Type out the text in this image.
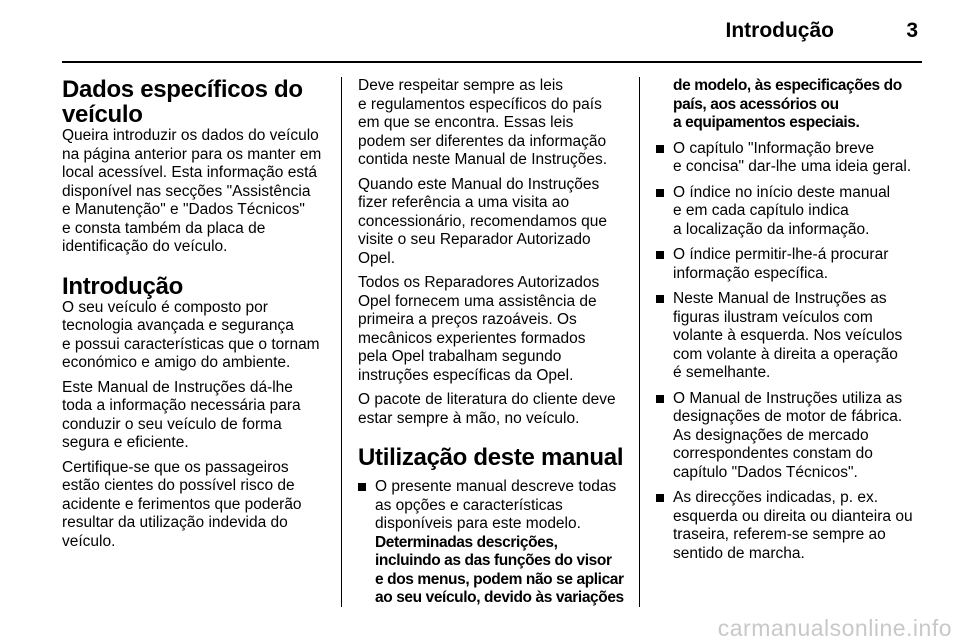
Introdução	3
Dados específicos do
veículo

Queira introduzir os dados do veículo
na página anterior para os manter em
local acessível. Esta informação está
disponível nas secções "Assistência
e Manutenção" e "Dados Técnicos"
e consta também da placa de
identificação do veículo.

Introdução

O seu veículo é composto por
tecnologia avançada e segurança
e possui características que o tornam
económico e amigo do ambiente.

Este Manual de Instruções dá-lhe
toda a informação necessária para
conduzir o seu veículo de forma
segura e eficiente.

Certifique-se que os passageiros
estão cientes do possível risco de
acidente e ferimentos que poderão
resultar da utilização indevida do
veículo.

Deve respeitar sempre as leis
e regulamentos específicos do país
em que se encontra. Essas leis
podem ser diferentes da informação
contida neste Manual de Instruções.

Quando este Manual do Instruções
fizer referência a uma visita ao
concessionário, recomendamos que
visite o seu Reparador Autorizado
Opel.

Todos os Reparadores Autorizados
Opel fornecem uma assistência de
primeira a preços razoáveis. Os
mecânicos experientes formados
pela Opel trabalham segundo
instruções específicas da Opel.

O pacote de literatura do cliente deve
estar sempre à mão, no veículo.

Utilização deste manual
O presente manual descreve todas
as opções e características
disponíveis para este modelo.
Determinadas descrições,
incluindo as das funções do visor
e dos menus, podem não se aplicar
ao seu veículo, devido às variações
de modelo, às especificações do
país, aos acessórios ou
a equipamentos especiais.
O capítulo "Informação breve
e concisa" dar-lhe uma ideia geral.
O índice no início deste manual
e em cada capítulo indica
a localização da informação.
O índice permitir-lhe-á procurar
informação específica.
Neste Manual de Instruções as
figuras ilustram veículos com
volante à esquerda. Nos veículos
com volante à direita a operação
é semelhante.
O Manual de Instruções utiliza as
designações de motor de fábrica.
As designações de mercado
correspondentes constam do
capítulo "Dados Técnicos".
As direcções indicadas, p. ex.
esquerda ou direita ou dianteira ou
traseira, referem-se sempre ao
sentido de marcha.
carmanualsonline.info
